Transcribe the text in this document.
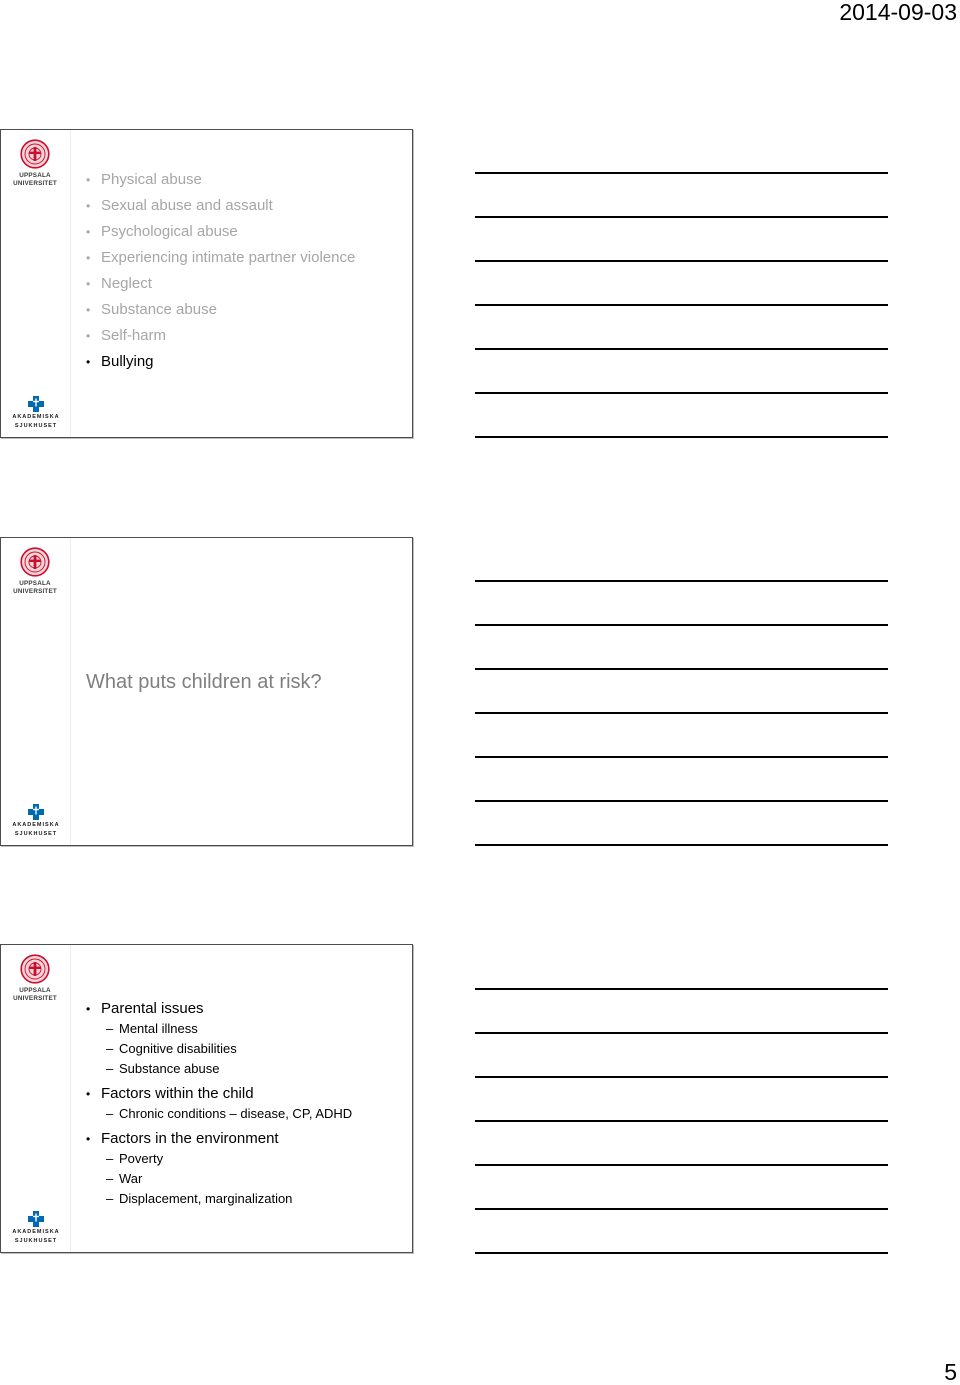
2014-09-03
UPPSALA
UNIVERSITET
AKADEMISKA
SJUKHUSET
• Physical abuse
• Sexual abuse and assault
• Psychological abuse
• Experiencing intimate partner violence
• Neglect
• Substance abuse
• Self-harm
• Bullying
UPPSALA
UNIVERSITET
AKADEMISKA
SJUKHUSET
What puts children at risk?
UPPSALA
UNIVERSITET
AKADEMISKA
SJUKHUSET
• Parental issues
– Mental illness
– Cognitive disabilities
– Substance abuse
• Factors within the child
– Chronic conditions – disease, CP, ADHD
• Factors in the environment
– Poverty
– War
– Displacement, marginalization
5
